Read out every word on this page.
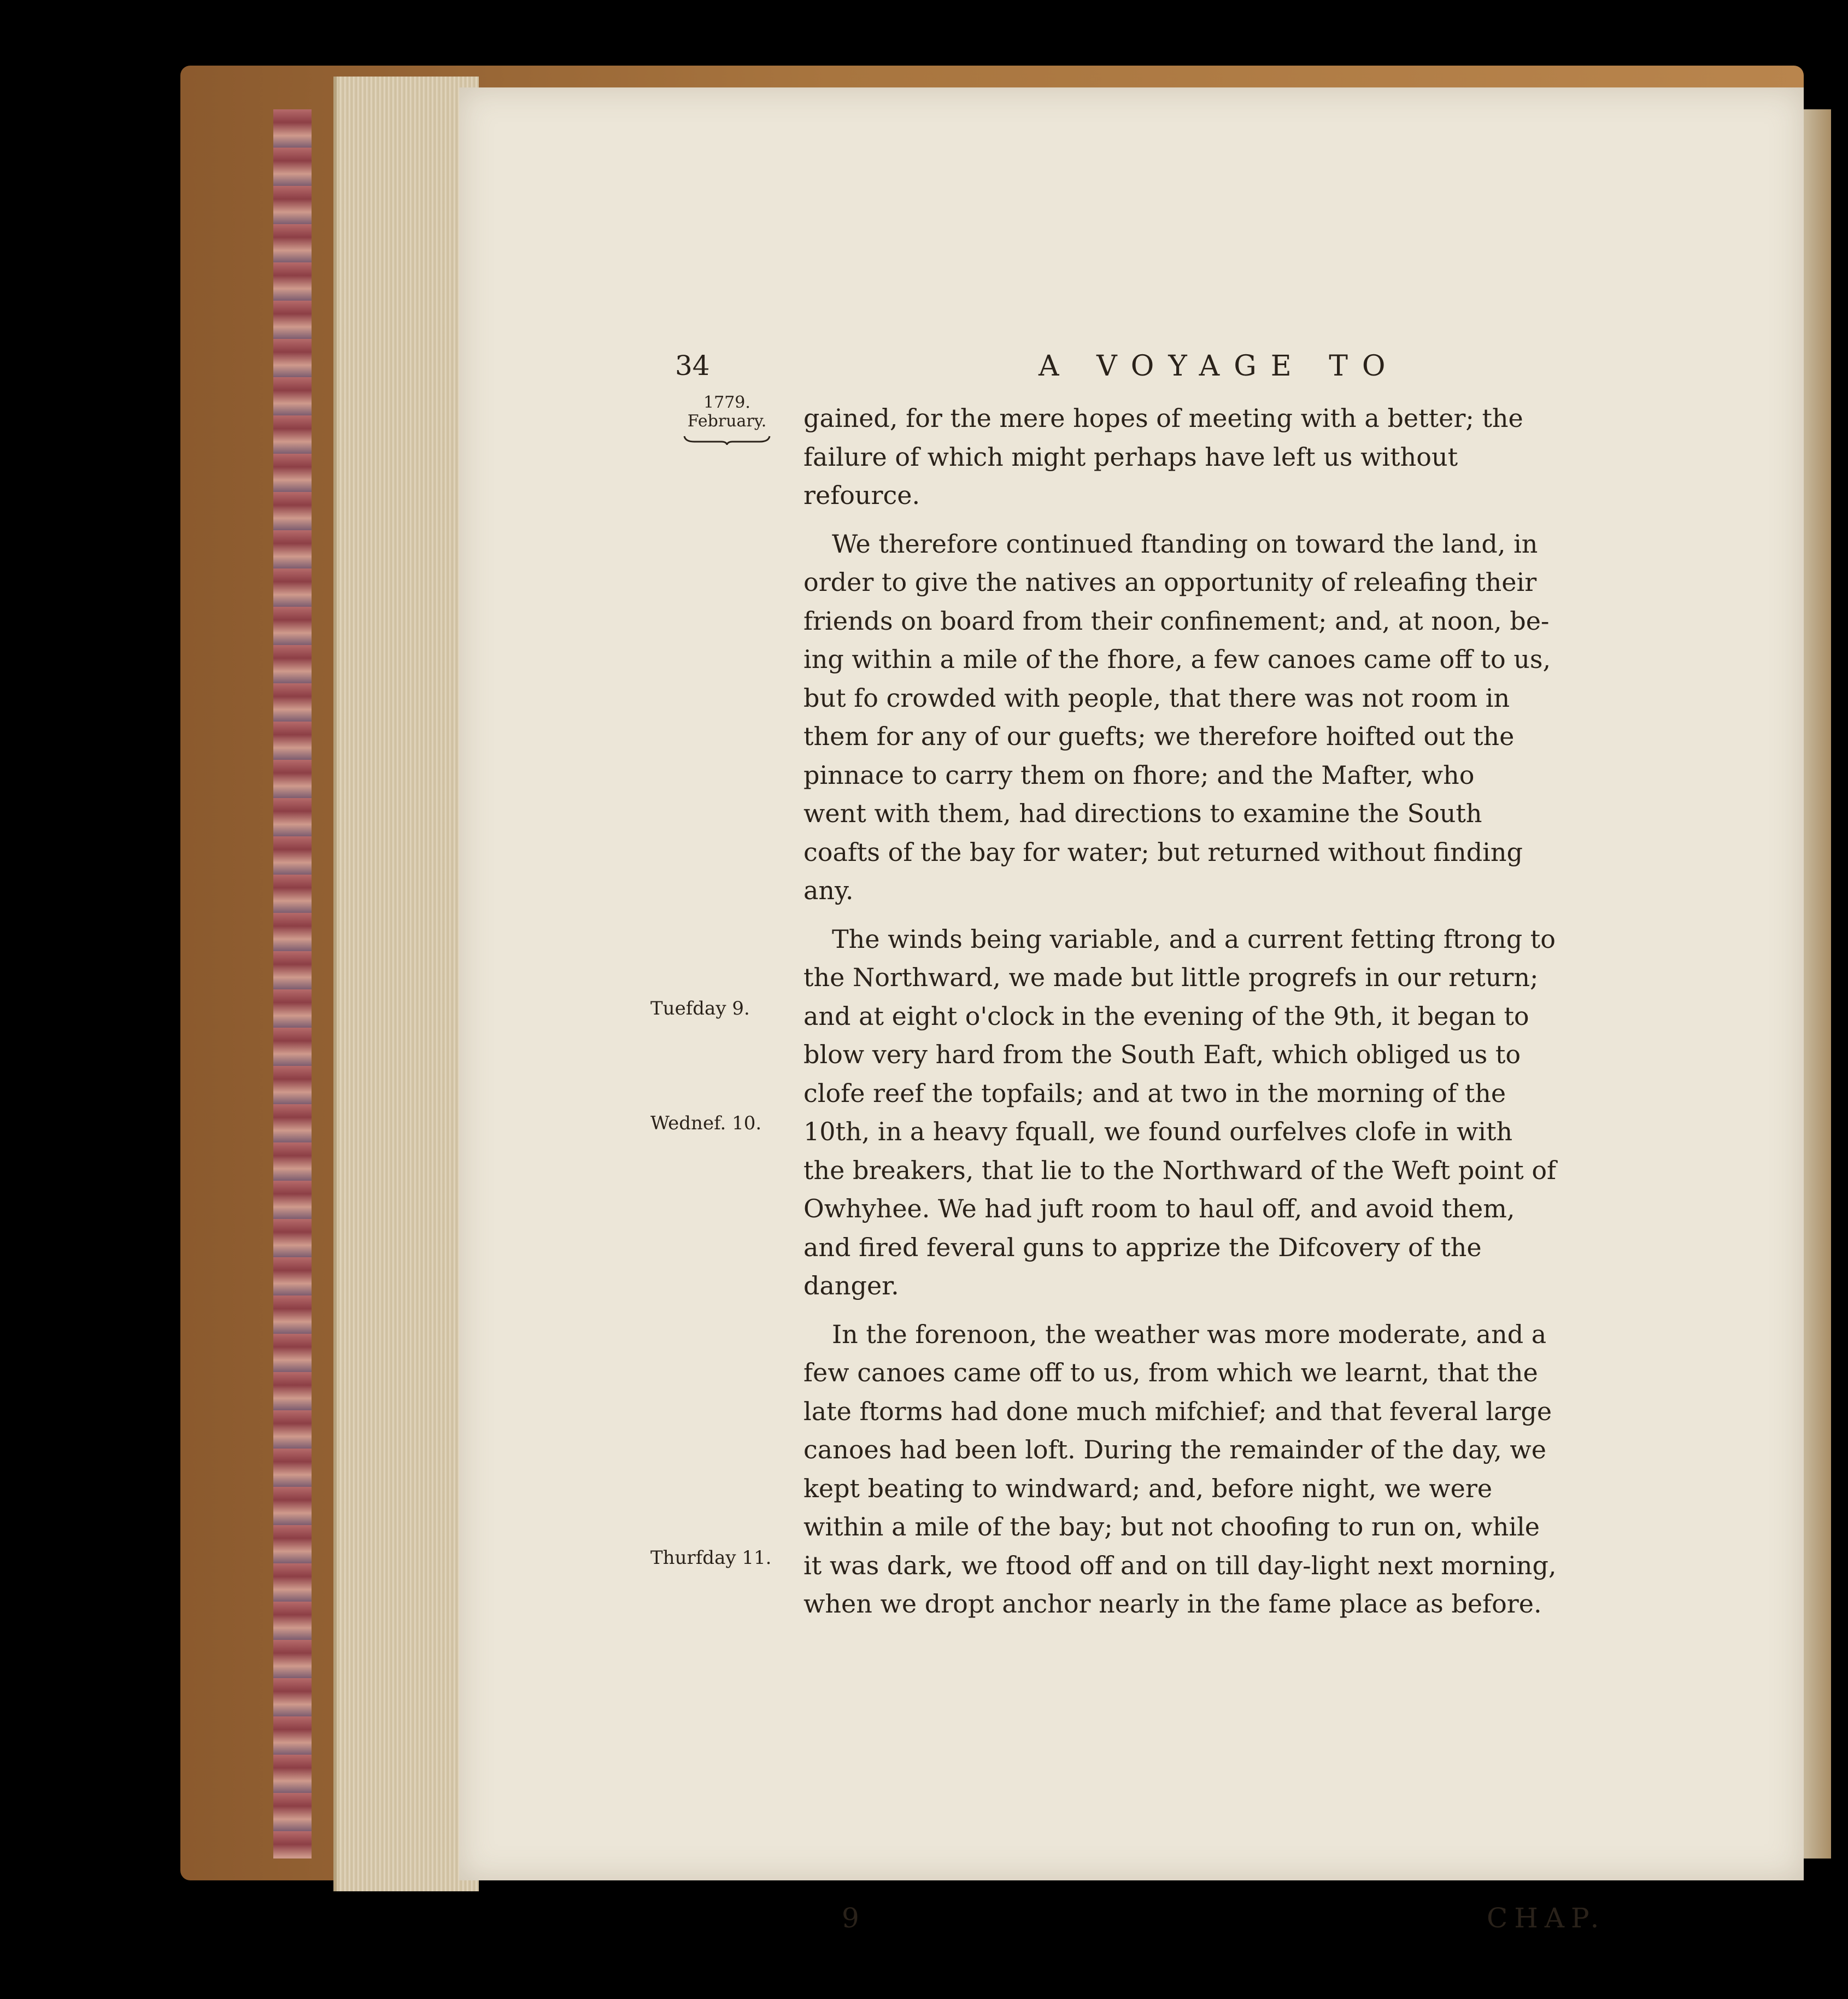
34	A VOYAGE TO
1779.
February.
Tuefday 9.
Wednef. 10.
Thurfday 11.

gained, for the mere hopes of meeting with a better; the

failure of which might perhaps have left us without

refource.

We therefore continued ftanding on toward the land, in

order to give the natives an opportunity of releafing their

friends on board from their confinement; and, at noon, be-

ing within a mile of the fhore, a few canoes came off to us,

but fo crowded with people, that there was not room in

them for any of our guefts; we therefore hoifted out the

pinnace to carry them on fhore; and the Mafter, who

went with them, had directions to examine the South

coafts of the bay for water; but returned without finding

any.

The winds being variable, and a current fetting ftrong to

the Northward, we made but little progrefs in our return;

and at eight o'clock in the evening of the 9th, it began to

blow very hard from the South Eaft, which obliged us to

clofe reef the topfails; and at two in the morning of the

10th, in a heavy fquall, we found ourfelves clofe in with

the breakers, that lie to the Northward of the Weft point of

Owhyhee. We had juft room to haul off, and avoid them,

and fired feveral guns to apprize the Difcovery of the

danger.

In the forenoon, the weather was more moderate, and a

few canoes came off to us, from which we learnt, that the

late ftorms had done much mifchief; and that feveral large

canoes had been loft. During the remainder of the day, we

kept beating to windward; and, before night, we were

within a mile of the bay; but not choofing to run on, while

it was dark, we ftood off and on till day-light next morning,

when we dropt anchor nearly in the fame place as before.

9	CHAP.
